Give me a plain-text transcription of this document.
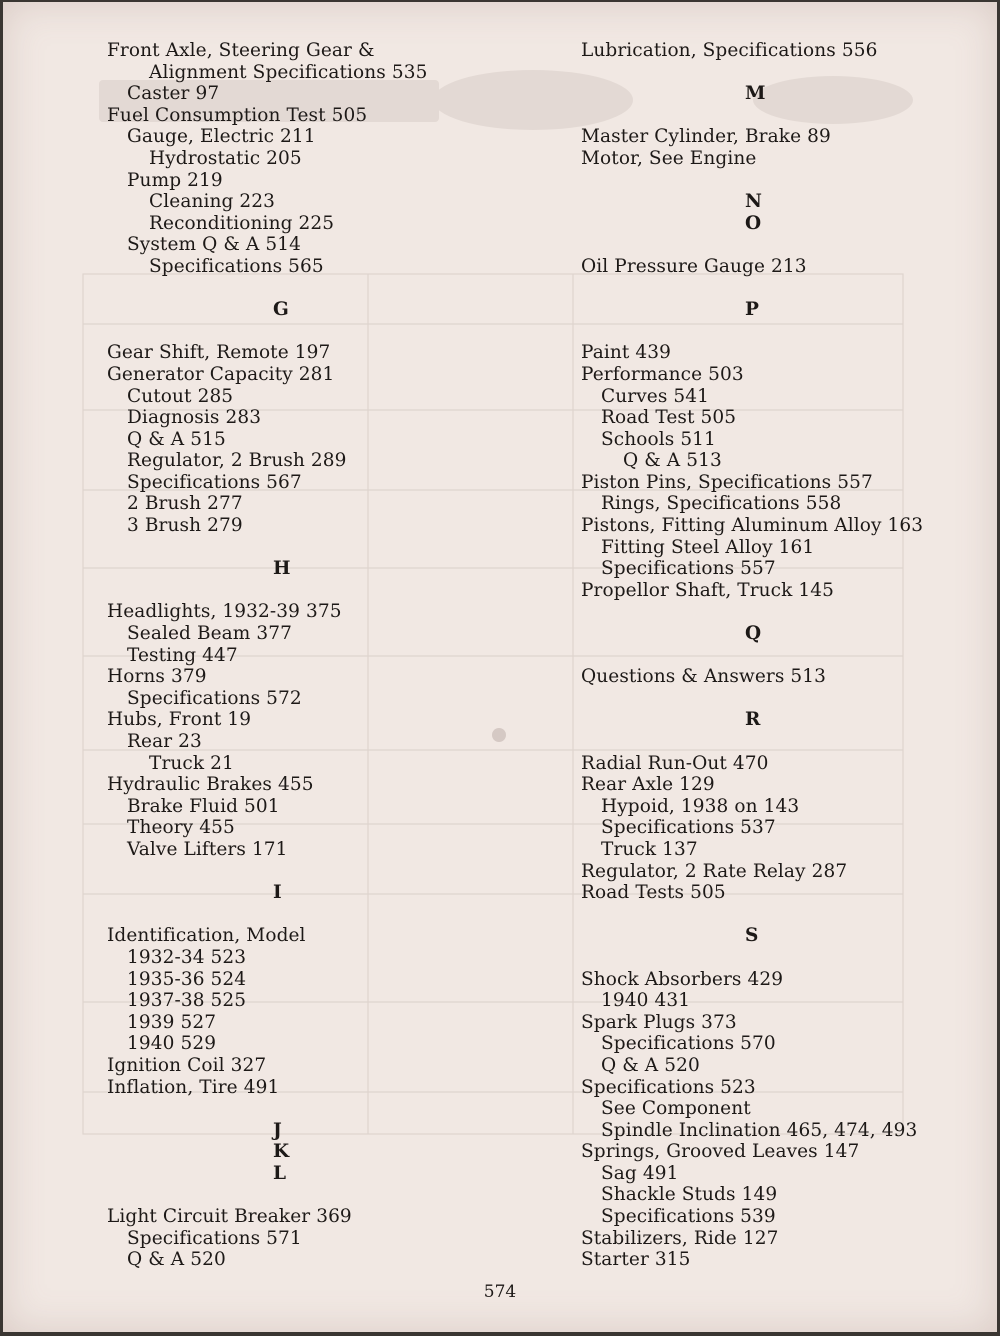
Front Axle, Steering Gear &
Alignment Specifications 535
Caster 97
Fuel Consumption Test 505
Gauge, Electric 211
Hydrostatic 205
Pump 219
Cleaning 223
Reconditioning 225
System Q & A 514
Specifications 565
G
Gear Shift, Remote 197
Generator Capacity 281
Cutout 285
Diagnosis 283
Q & A 515
Regulator, 2 Brush 289
Specifications 567
2 Brush 277
3 Brush 279
H
Headlights, 1932-39 375
Sealed Beam 377
Testing 447
Horns 379
Specifications 572
Hubs, Front 19
Rear 23
Truck 21
Hydraulic Brakes 455
Brake Fluid 501
Theory 455
Valve Lifters 171
I
Identification, Model
1932-34 523
1935-36 524
1937-38 525
1939 527
1940 529
Ignition Coil 327
Inflation, Tire 491
J
K
L
Light Circuit Breaker 369
Specifications 571
Q & A 520
Lubrication, Specifications 556
M
Master Cylinder, Brake 89
Motor, See Engine
N
O
Oil Pressure Gauge 213
P
Paint 439
Performance 503
Curves 541
Road Test 505
Schools 511
Q & A 513
Piston Pins, Specifications 557
Rings, Specifications 558
Pistons, Fitting Aluminum Alloy 163
Fitting Steel Alloy 161
Specifications 557
Propellor Shaft, Truck 145
Q
Questions & Answers 513
R
Radial Run-Out 470
Rear Axle 129
Hypoid, 1938 on 143
Specifications 537
Truck 137
Regulator, 2 Rate Relay 287
Road Tests 505
S
Shock Absorbers 429
1940 431
Spark Plugs 373
Specifications 570
Q & A 520
Specifications 523
See Component
Spindle Inclination 465, 474, 493
Springs, Grooved Leaves 147
Sag 491
Shackle Studs 149
Specifications 539
Stabilizers, Ride 127
Starter 315
574
